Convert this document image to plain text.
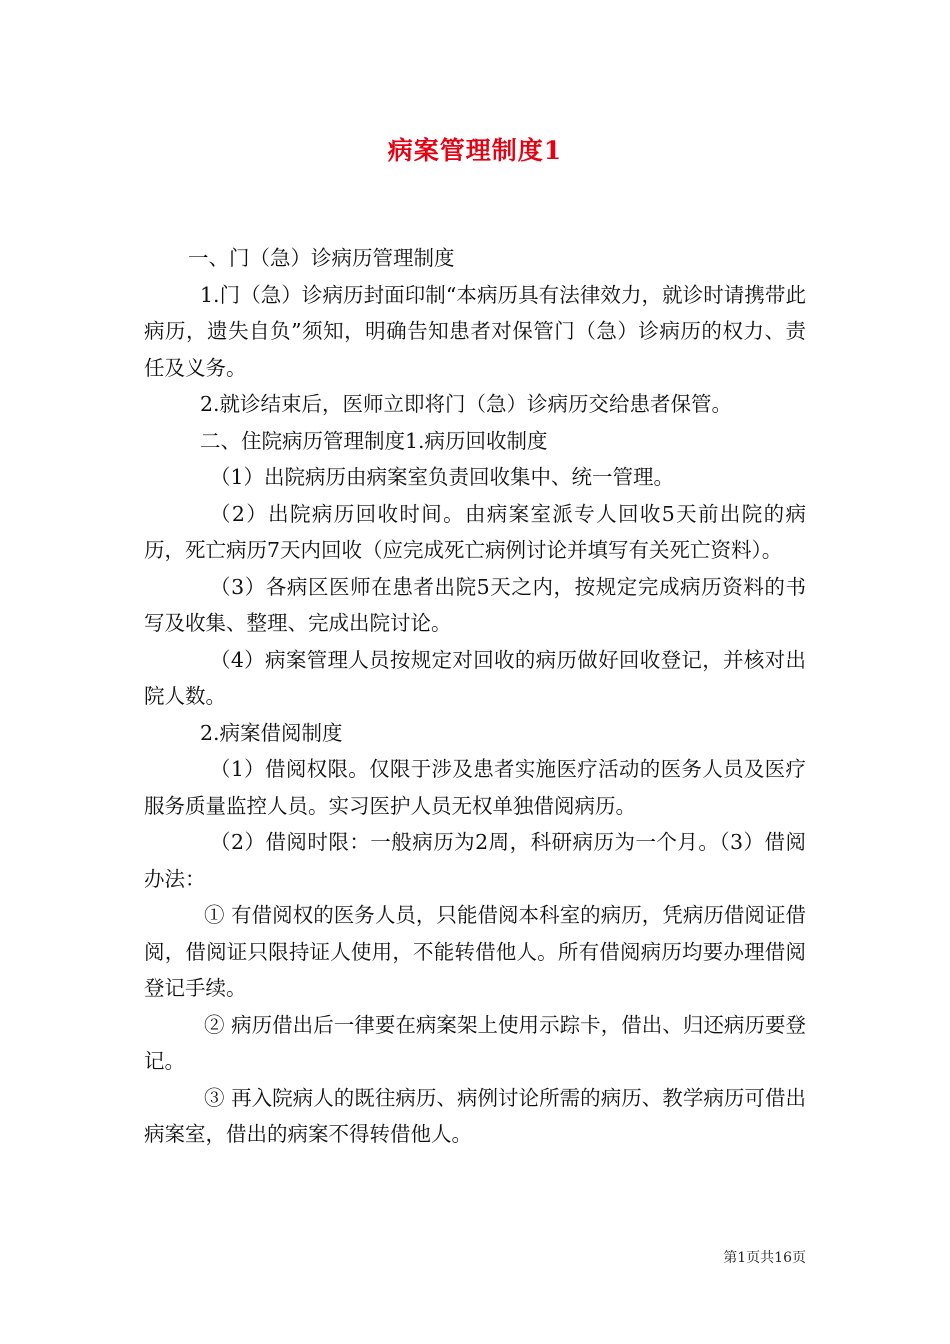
病案管理制度1

一、门（急）诊病历管理制度

1.门（急）诊病历封面印制“本病历具有法律效力，就诊时请携带此病历，遗失自负”须知，明确告知患者对保管门（急）诊病历的权力、责任及义务。

2.就诊结束后，医师立即将门（急）诊病历交给患者保管。

二、住院病历管理制度1.病历回收制度

（1）出院病历由病案室负责回收集中、统一管理。

（2）出院病历回收时间。由病案室派专人回收5天前出院的病历，死亡病历7天内回收（应完成死亡病例讨论并填写有关死亡资料）。

（3）各病区医师在患者出院5天之内，按规定完成病历资料的书写及收集、整理、完成出院讨论。

（4）病案管理人员按规定对回收的病历做好回收登记，并核对出院人数。

2.病案借阅制度

（1）借阅权限。仅限于涉及患者实施医疗活动的医务人员及医疗服务质量监控人员。实习医护人员无权单独借阅病历。

（2）借阅时限：一般病历为2周，科研病历为一个月。（3）借阅办法：

① 有借阅权的医务人员，只能借阅本科室的病历，凭病历借阅证借阅，借阅证只限持证人使用，不能转借他人。所有借阅病历均要办理借阅登记手续。

② 病历借出后一律要在病案架上使用示踪卡，借出、归还病历要登记。

③ 再入院病人的既往病历、病例讨论所需的病历、教学病历可借出病案室，借出的病案不得转借他人。

第1页共16页
